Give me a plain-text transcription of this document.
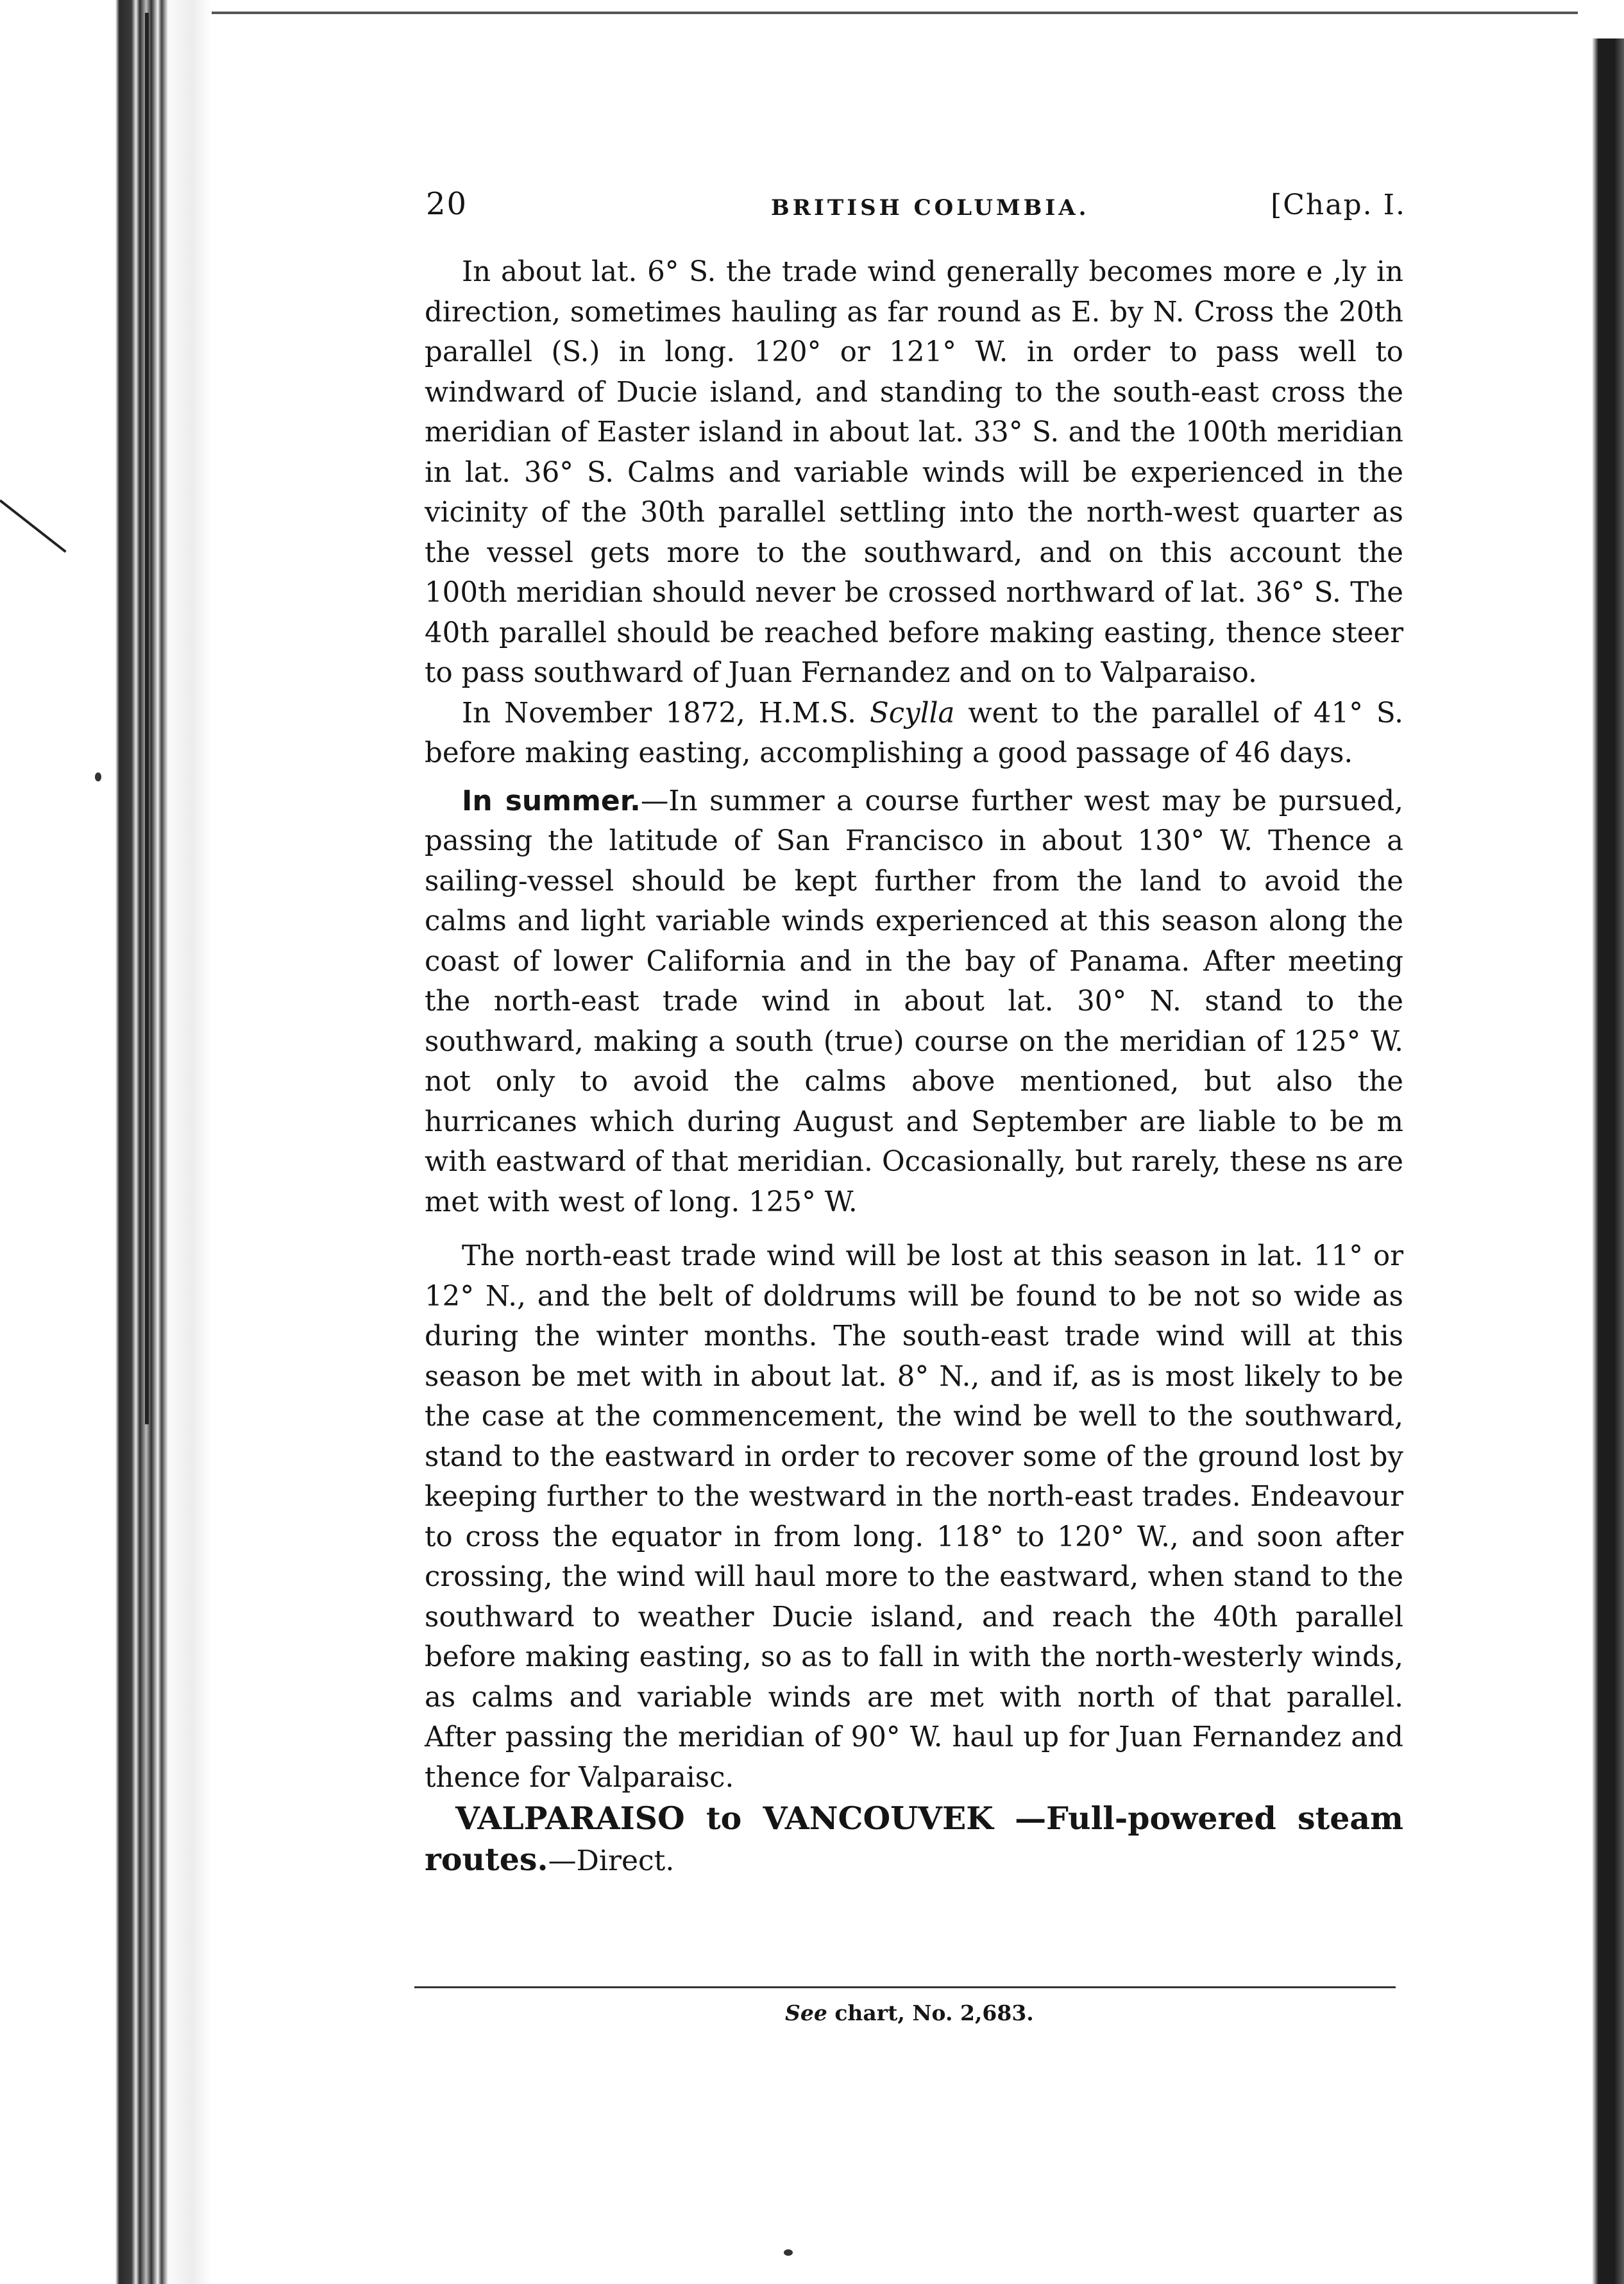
20	BRITISH COLUMBIA.	[Chap. I.

In about lat. 6° S. the trade wind generally becomes more e ,ly in direction, sometimes hauling as far round as E. by N. Cross the 20th parallel (S.) in long. 120° or 121° W. in order to pass well to windward of Ducie island, and standing to the south-east cross the meridian of Easter island in about lat. 33° S. and the 100th meridian in lat. 36° S. Calms and variable winds will be experienced in the vicinity of the 30th parallel settling into the north-west quarter as the vessel gets more to the southward, and on this account the 100th meridian should never be crossed northward of lat. 36° S. The 40th parallel should be reached before making easting, thence steer to pass southward of Juan Fernandez and on to Valparaiso.

In November 1872, H.M.S. Scylla went to the parallel of 41° S. before making easting, accomplishing a good passage of 46 days.

In summer.—In summer a course further west may be pursued, passing the latitude of San Francisco in about 130° W. Thence a sailing-vessel should be kept further from the land to avoid the calms and light variable winds experienced at this season along the coast of lower California and in the bay of Panama. After meeting the north-east trade wind in about lat. 30° N. stand to the southward, making a south (true) course on the meridian of 125° W. not only to avoid the calms above mentioned, but also the hurricanes which during August and September are liable to be m with eastward of that meridian. Occasionally, but rarely, these ns are met with west of long. 125° W.

The north-east trade wind will be lost at this season in lat. 11° or 12° N., and the belt of doldrums will be found to be not so wide as during the winter months. The south-east trade wind will at this season be met with in about lat. 8° N., and if, as is most likely to be the case at the commencement, the wind be well to the southward, stand to the eastward in order to recover some of the ground lost by keeping further to the westward in the north-east trades. Endeavour to cross the equator in from long. 118° to 120° W., and soon after crossing, the wind will haul more to the eastward, when stand to the southward to weather Ducie island, and reach the 40th parallel before making easting, so as to fall in with the north-westerly winds, as calms and variable winds are met with north of that parallel. After passing the meridian of 90° W. haul up for Juan Fernandez and thence for Valparaisc.

VALPARAISO to VANCOUVEK —Full-powered steam routes.—Direct.

See chart, No. 2,683.
